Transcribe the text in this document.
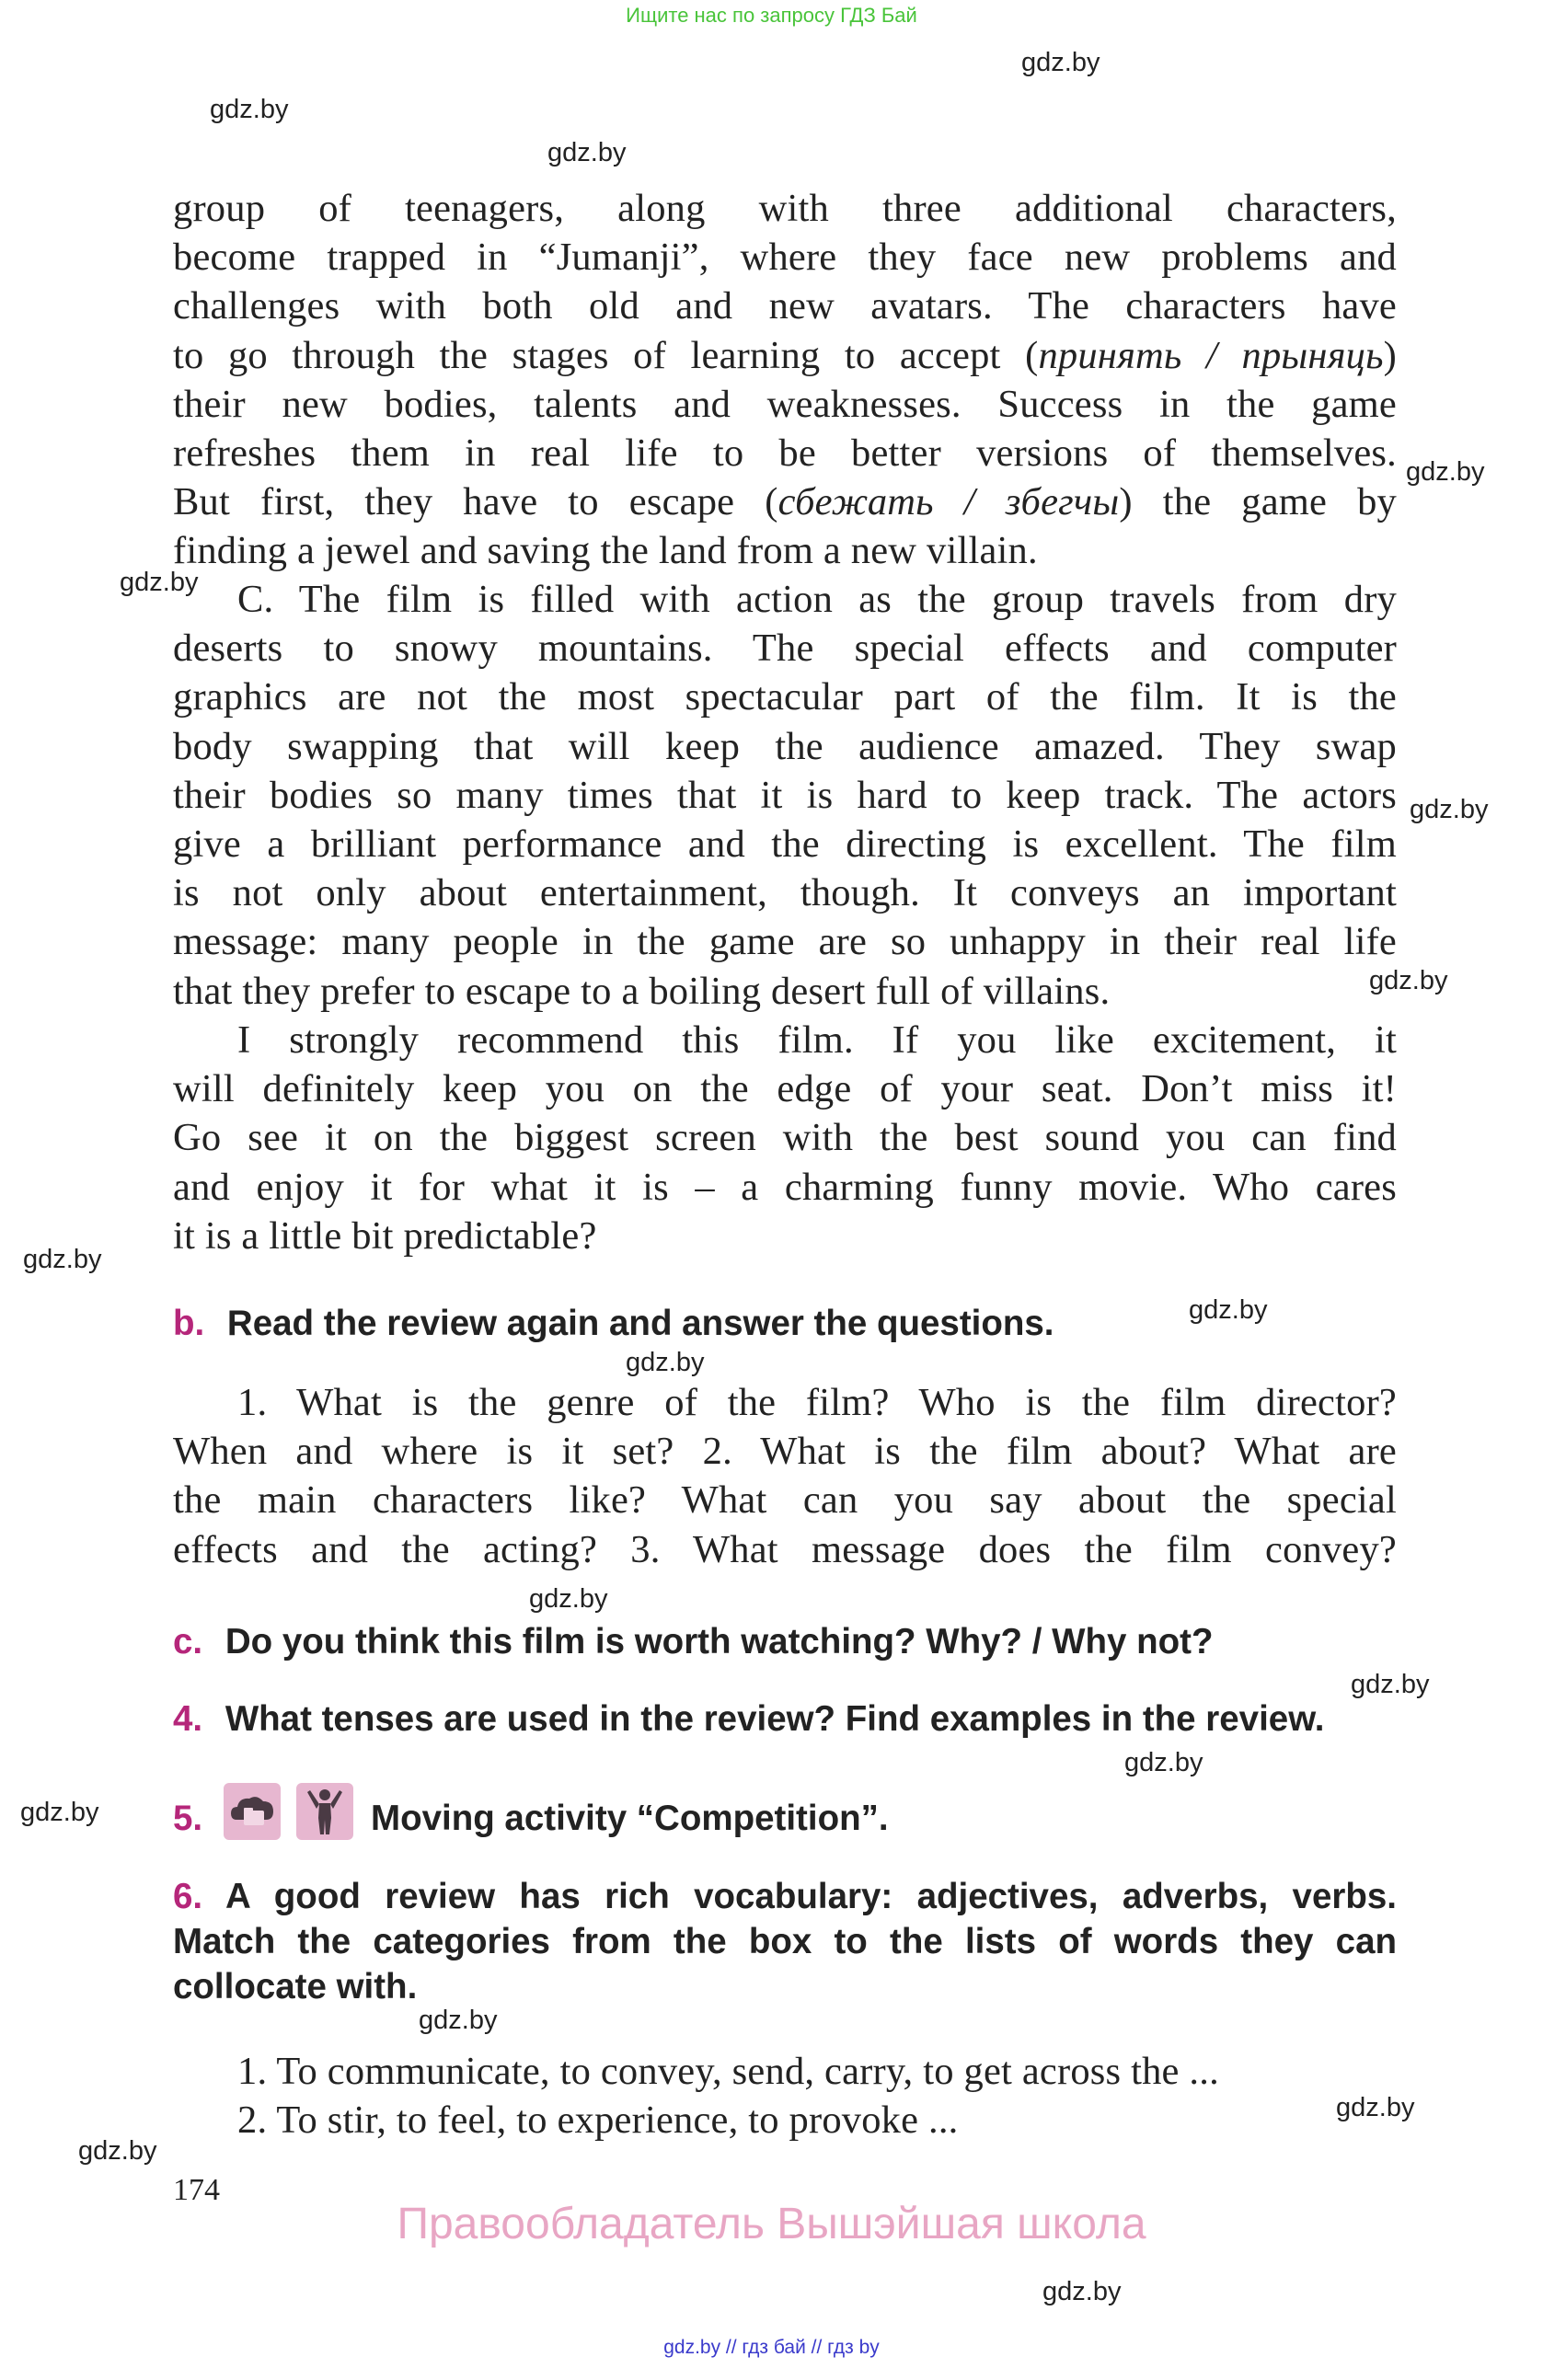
Ищите нас по запросу ГДЗ Бай
gdz.by
gdz.by
gdz.by
gdz.by
gdz.by
gdz.by
gdz.by
gdz.by
gdz.by
gdz.by
gdz.by
gdz.by
gdz.by
gdz.by
gdz.by
gdz.by
gdz.by
gdz.by
group of teenagers, along with three additional characters,
become trapped in “Jumanji”, where they face new problems and
challenges with both old and new avatars. The characters have
to go through the stages of learning to accept (принять / прыняць)
their new bodies, talents and weaknesses. Success in the game
refreshes them in real life to be better versions of themselves.
But first, they have to escape (сбежать / збегчы) the game by
finding a jewel and saving the land from a new villain.
C. The film is filled with action as the group travels from dry
deserts to snowy mountains. The special effects and computer
graphics are not the most spectacular part of the film. It is the
body swapping that will keep the audience amazed. They swap
their bodies so many times that it is hard to keep track. The actors
give a brilliant performance and the directing is excellent. The film
is not only about entertainment, though. It conveys an important
message: many people in the game are so unhappy in their real life
that they prefer to escape to a boiling desert full of villains.
I strongly recommend this film. If you like excitement, it
will definitely keep you on the edge of your seat. Don’t miss it!
Go see it on the biggest screen with the best sound you can find
and enjoy it for what it is – a charming funny movie. Who cares
it is a little bit predictable?
b. Read the review again and answer the questions.
1. What is the genre of the film? Who is the film director?
When and where is it set? 2. What is the film about? What are
the main characters like? What can you say about the special
effects and the acting? 3. What message does the film convey?
c. Do you think this film is worth watching? Why? / Why not?
4. What tenses are used in the review? Find examples in the review.
5.	Moving activity “Competition”.
6. A good review has rich vocabulary: adjectives, adverbs, verbs.
Match the categories from the box to the lists of words they can
collocate with.
1. To communicate, to convey, send, carry, to get across the ...
2. To stir, to feel, to experience, to provoke ...
174
Правообладатель Вышэйшая школа
gdz.by // гдз бай // гдз by
